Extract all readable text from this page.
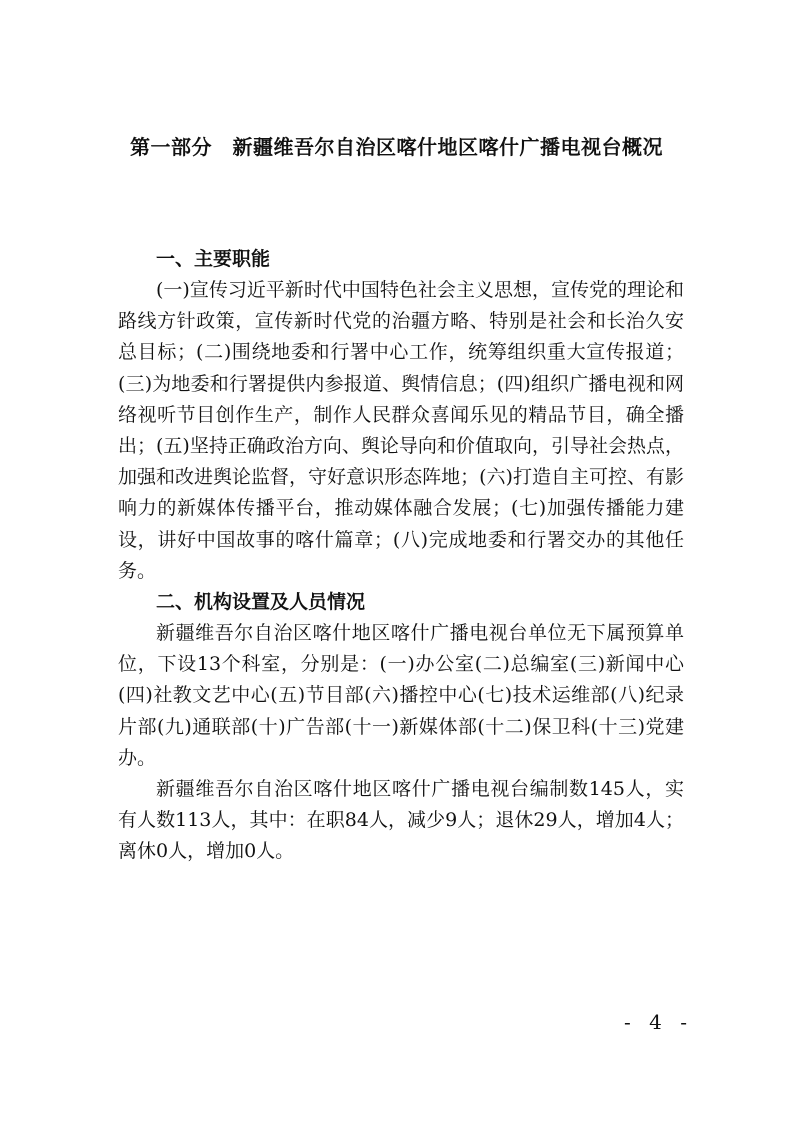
第一部分　新疆维吾尔自治区喀什地区喀什广播电视台概况
一、主要职能

(一)宣传习近平新时代中国特色社会主义思想，宣传党的理论和路线方针政策，宣传新时代党的治疆方略、特别是社会和长治久安总目标；(二)围绕地委和行署中心工作，统筹组织重大宣传报道；(三)为地委和行署提供内参报道、舆情信息；(四)组织广播电视和网络视听节目创作生产，制作人民群众喜闻乐见的精品节目，确全播出；(五)坚持正确政治方向、舆论导向和价值取向，引导社会热点，加强和改进舆论监督，守好意识形态阵地；(六)打造自主可控、有影响力的新媒体传播平台，推动媒体融合发展；(七)加强传播能力建设，讲好中国故事的喀什篇章；(八)完成地委和行署交办的其他任务。

二、机构设置及人员情况

新疆维吾尔自治区喀什地区喀什广播电视台单位无下属预算单位，下设13个科室，分别是：(一)办公室(二)总编室(三)新闻中心(四)社教文艺中心(五)节目部(六)播控中心(七)技术运维部(八)纪录片部(九)通联部(十)广告部(十一)新媒体部(十二)保卫科(十三)党建办。

新疆维吾尔自治区喀什地区喀什广播电视台编制数145人，实有人数113人，其中：在职84人，减少9人；退休29人，增加4人；离休0人，增加0人。

- 4 -
